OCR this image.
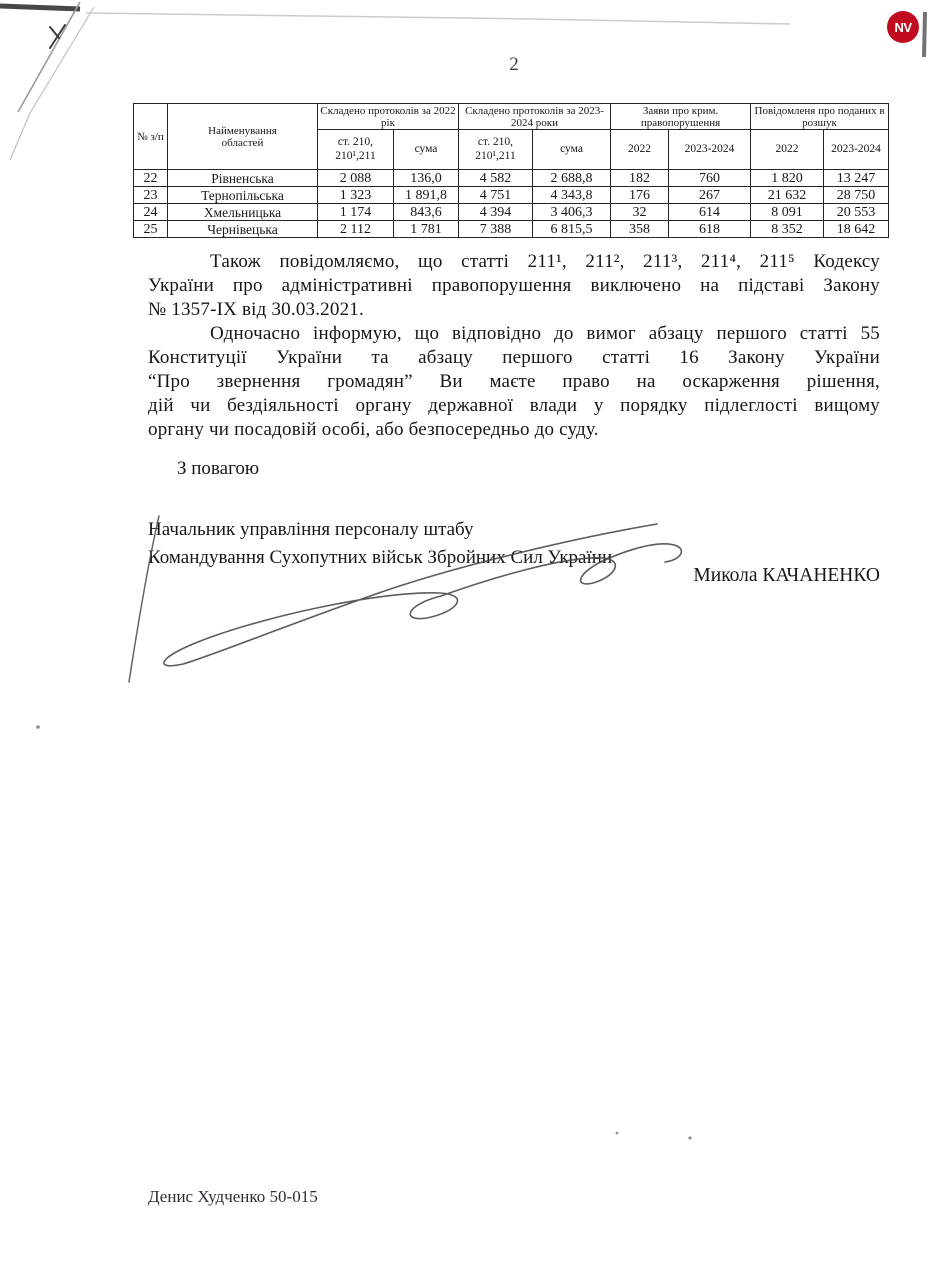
NV
2
№ з/п	Найменування областей	Складено протоколів за 2022 рік		Складено протоколів за 2023-2024 роки		Заяви про крим. правопорушення		Повідомленя про поданих в розшук	
		ст. 210, 210¹,211	сума	ст. 210, 210¹,211	сума	2022	2023-2024	2022	2023-2024
22	Рівненська	2 088	136,0	4 582	2 688,8	182	760	1 820	13 247
23	Тернопільська	1 323	1 891,8	4 751	4 343,8	176	267	21 632	28 750
24	Хмельницька	1 174	843,6	4 394	3 406,3	32	614	8 091	20 553
25	Чернівецька	2 112	1 781	7 388	6 815,5	358	618	8 352	18 642
Також повідомляємо, що статті 211¹, 211², 211³, 211⁴, 211⁵ Кодексу
України про адміністративні правопорушення виключено на підставі Закону
№ 1357-IX від 30.03.2021.
Одночасно інформую, що відповідно до вимог абзацу першого статті 55
Конституції України та абзацу першого статті 16 Закону України
“Про звернення громадян” Ви маєте право на оскарження рішення,
дій чи бездіяльності органу державної влади у порядку підлеглості вищому
органу чи посадовій особі, або безпосередньо до суду.
З повагою
Начальник управління персоналу штабу
Командування Сухопутних військ Збройних Сил України
Микола КАЧАНЕНКО
Денис Худченко 50-015
